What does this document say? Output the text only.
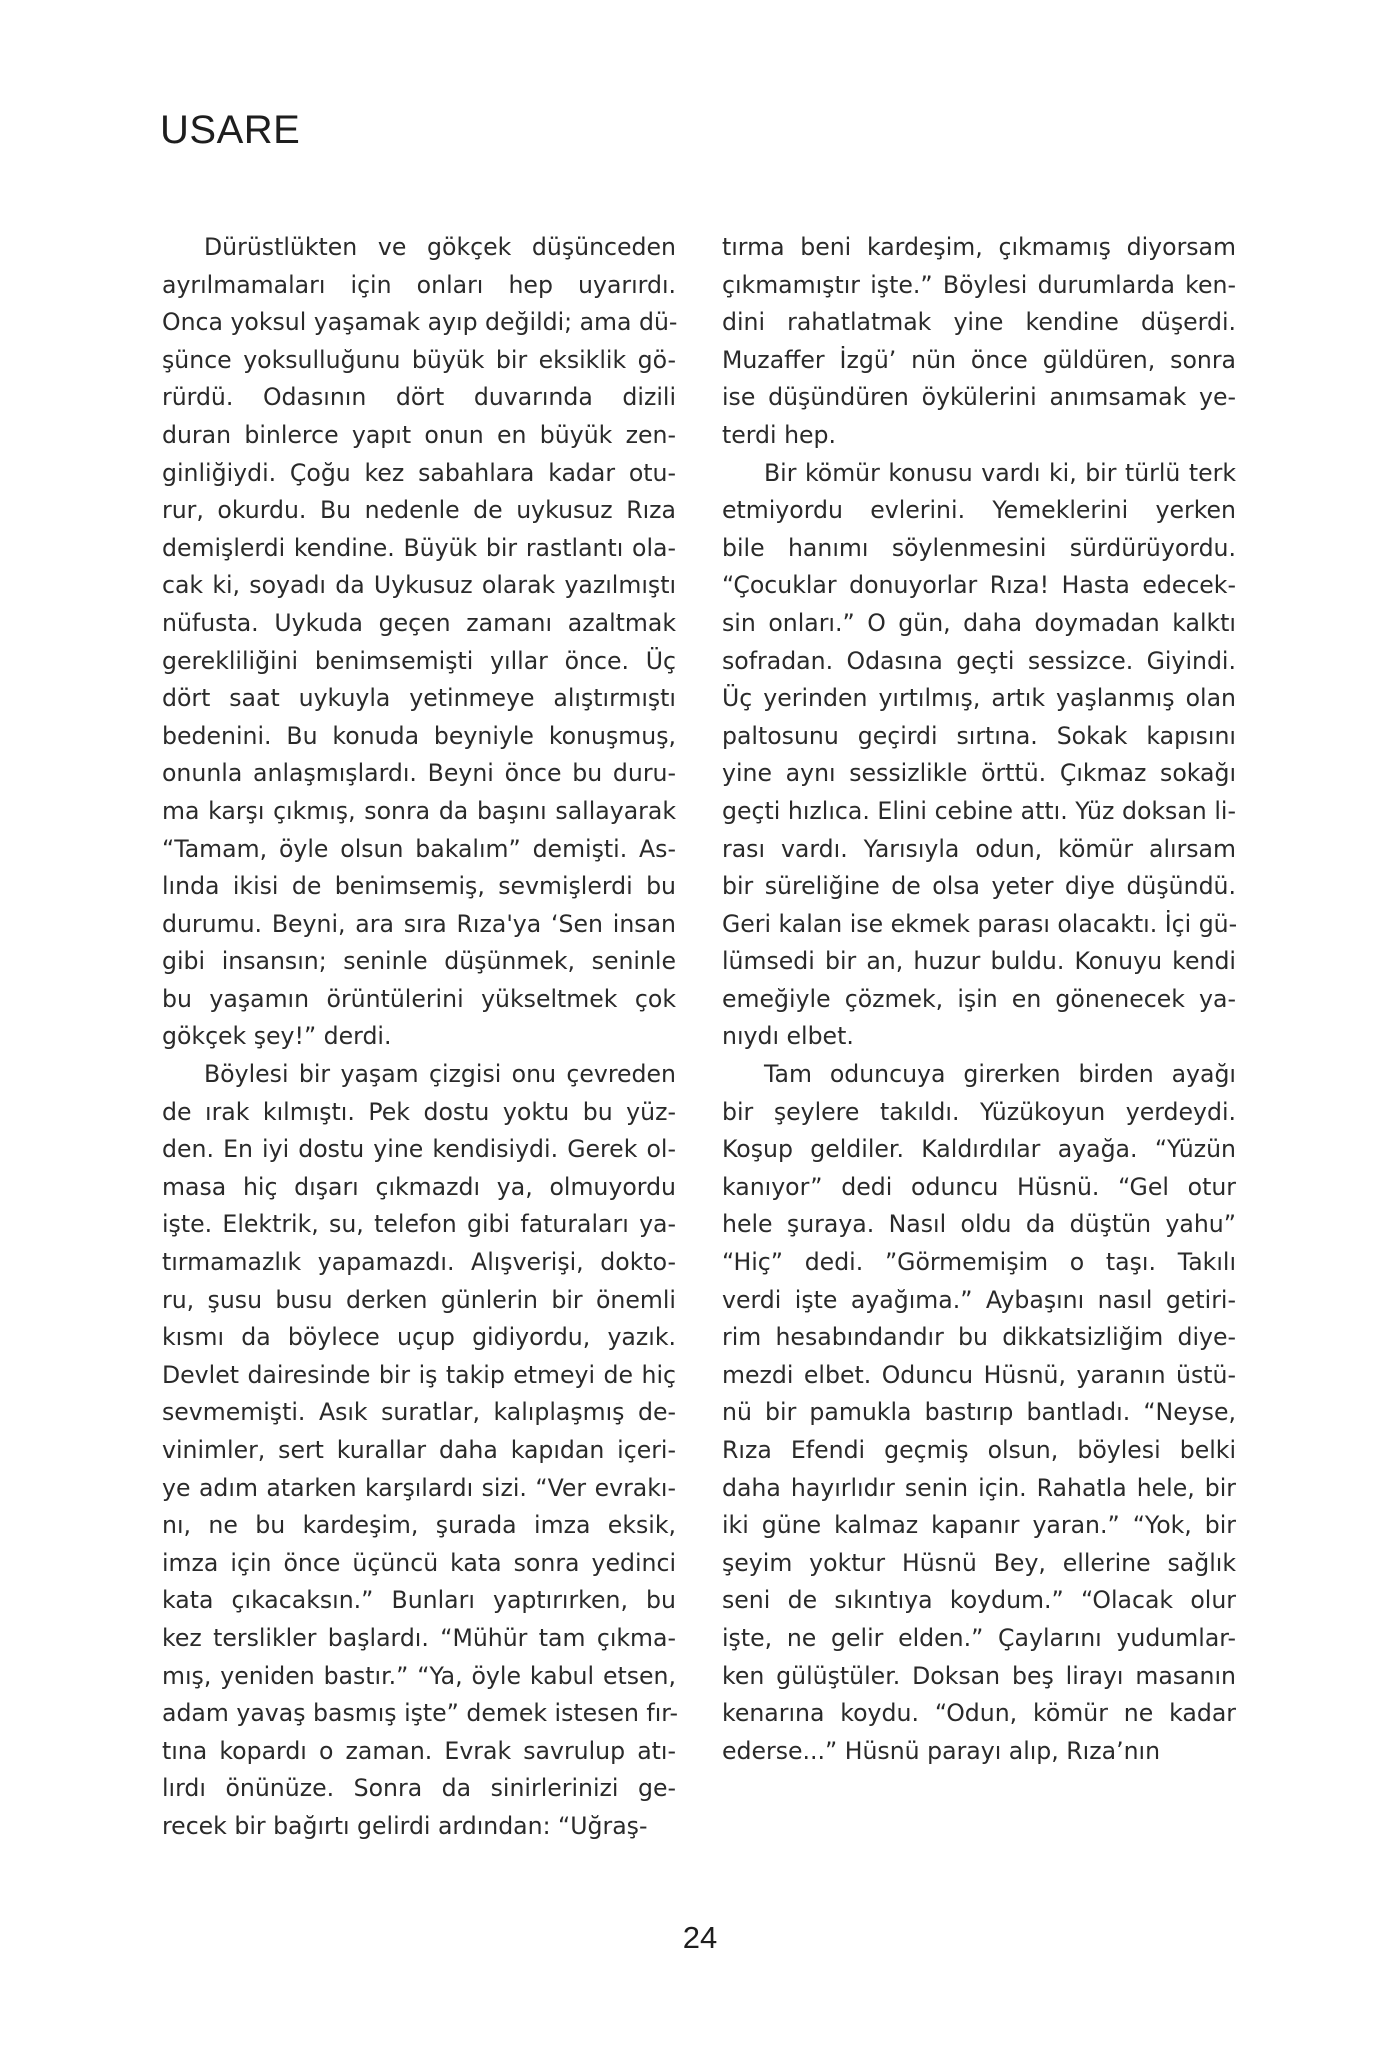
USARE
Dürüstlükten ve gökçek düşünceden
ayrılmamaları için onları hep uyarırdı.
Onca yoksul yaşamak ayıp değildi; ama dü-
şünce yoksulluğunu büyük bir eksiklik gö-
rürdü. Odasının dört duvarında dizili
duran binlerce yapıt onun en büyük zen-
ginliğiydi. Çoğu kez sabahlara kadar otu-
rur, okurdu. Bu nedenle de uykusuz Rıza
demişlerdi kendine. Büyük bir rastlantı ola-
cak ki, soyadı da Uykusuz olarak yazılmıştı
nüfusta. Uykuda geçen zamanı azaltmak
gerekliliğini benimsemişti yıllar önce. Üç
dört saat uykuyla yetinmeye alıştırmıştı
bedenini. Bu konuda beyniyle konuşmuş,
onunla anlaşmışlardı. Beyni önce bu duru-
ma karşı çıkmış, sonra da başını sallayarak
“Tamam, öyle olsun bakalım” demişti. As-
lında ikisi de benimsemiş, sevmişlerdi bu
durumu. Beyni, ara sıra Rıza'ya ‘Sen insan
gibi insansın; seninle düşünmek, seninle
bu yaşamın örüntülerini yükseltmek çok
gökçek şey!” derdi.
Böylesi bir yaşam çizgisi onu çevreden
de ırak kılmıştı. Pek dostu yoktu bu yüz-
den. En iyi dostu yine kendisiydi. Gerek ol-
masa hiç dışarı çıkmazdı ya, olmuyordu
işte. Elektrik, su, telefon gibi faturaları ya-
tırmamazlık yapamazdı. Alışverişi, dokto-
ru, şusu busu derken günlerin bir önemli
kısmı da böylece uçup gidiyordu, yazık.
Devlet dairesinde bir iş takip etmeyi de hiç
sevmemişti. Asık suratlar, kalıplaşmış de-
vinimler, sert kurallar daha kapıdan içeri-
ye adım atarken karşılardı sizi. “Ver evrakı-
nı, ne bu kardeşim, şurada imza eksik,
imza için önce üçüncü kata sonra yedinci
kata çıkacaksın.” Bunları yaptırırken, bu
kez terslikler başlardı. “Mühür tam çıkma-
mış, yeniden bastır.” “Ya, öyle kabul etsen,
adam yavaş basmış işte” demek istesen fır-
tına kopardı o zaman. Evrak savrulup atı-
lırdı önünüze. Sonra da sinirlerinizi ge-
recek bir bağırtı gelirdi ardından: “Uğraş-
tırma beni kardeşim, çıkmamış diyorsam
çıkmamıştır işte.” Böylesi durumlarda ken-
dini rahatlatmak yine kendine düşerdi.
Muzaffer İzgü’ nün önce güldüren, sonra
ise düşündüren öykülerini anımsamak ye-
terdi hep.
Bir kömür konusu vardı ki, bir türlü terk
etmiyordu evlerini. Yemeklerini yerken
bile hanımı söylenmesini sürdürüyordu.
“Çocuklar donuyorlar Rıza! Hasta edecek-
sin onları.” O gün, daha doymadan kalktı
sofradan. Odasına geçti sessizce. Giyindi.
Üç yerinden yırtılmış, artık yaşlanmış olan
paltosunu geçirdi sırtına. Sokak kapısını
yine aynı sessizlikle örttü. Çıkmaz sokağı
geçti hızlıca. Elini cebine attı. Yüz doksan li-
rası vardı. Yarısıyla odun, kömür alırsam
bir süreliğine de olsa yeter diye düşündü.
Geri kalan ise ekmek parası olacaktı. İçi gü-
lümsedi bir an, huzur buldu. Konuyu kendi
emeğiyle çözmek, işin en gönenecek ya-
nıydı elbet.
Tam oduncuya girerken birden ayağı
bir şeylere takıldı. Yüzükoyun yerdeydi.
Koşup geldiler. Kaldırdılar ayağa. “Yüzün
kanıyor” dedi oduncu Hüsnü. “Gel otur
hele şuraya. Nasıl oldu da düştün yahu”
“Hiç” dedi. ”Görmemişim o taşı. Takılı
verdi işte ayağıma.” Aybaşını nasıl getiri-
rim hesabındandır bu dikkatsizliğim diye-
mezdi elbet. Oduncu Hüsnü, yaranın üstü-
nü bir pamukla bastırıp bantladı. “Neyse,
Rıza Efendi geçmiş olsun, böylesi belki
daha hayırlıdır senin için. Rahatla hele, bir
iki güne kalmaz kapanır yaran.” “Yok, bir
şeyim yoktur Hüsnü Bey, ellerine sağlık
seni de sıkıntıya koydum.” “Olacak olur
işte, ne gelir elden.” Çaylarını yudumlar-
ken gülüştüler. Doksan beş lirayı masanın
kenarına koydu. “Odun, kömür ne kadar
ederse...” Hüsnü parayı alıp, Rıza’nın
24
